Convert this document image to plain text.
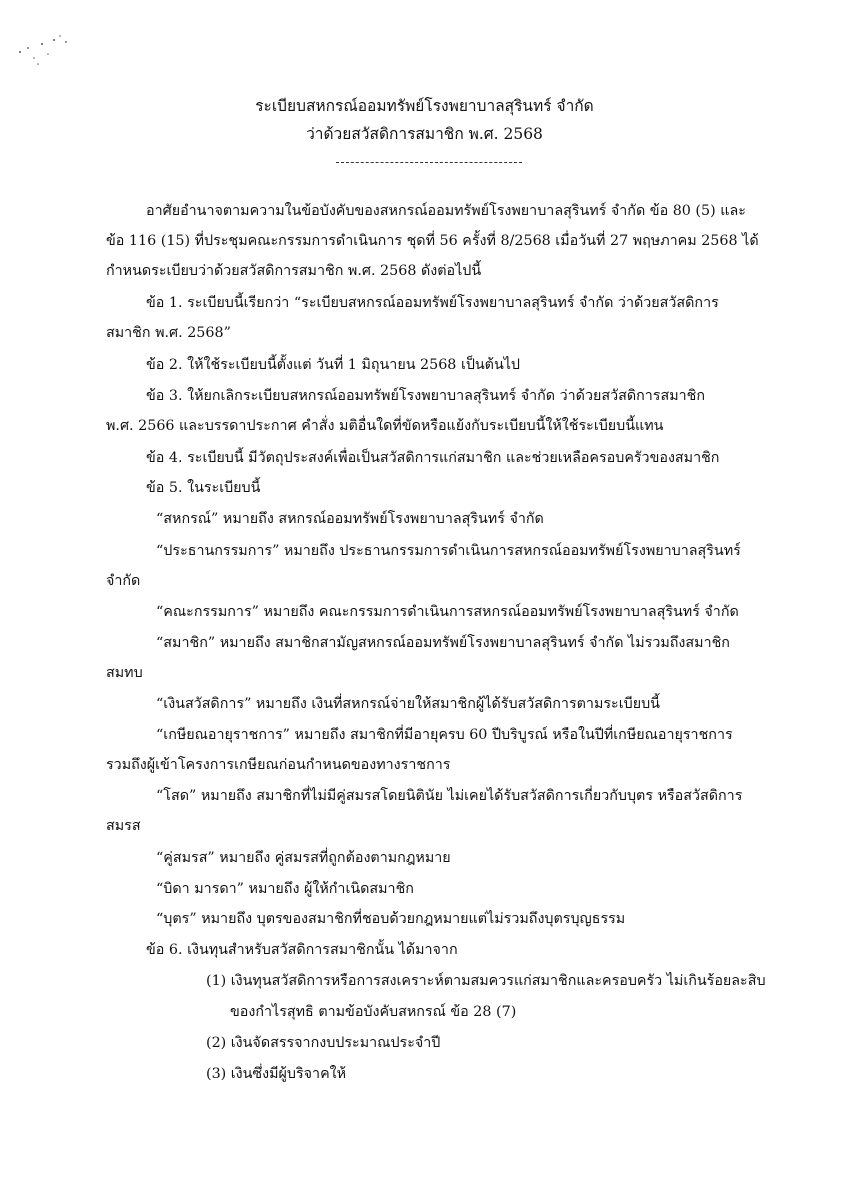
ระเบียบสหกรณ์ออมทรัพย์โรงพยาบาลสุรินทร์ จำกัด
ว่าด้วยสวัสดิการสมาชิก พ.ศ. 2568
อาศัยอำนาจตามความในข้อบังคับของสหกรณ์ออมทรัพย์โรงพยาบาลสุรินทร์ จำกัด ข้อ 80 (5) และ
ข้อ 116 (15) ที่ประชุมคณะกรรมการดำเนินการ ชุดที่ 56 ครั้งที่ 8/2568 เมื่อวันที่ 27 พฤษภาคม 2568 ได้
กำหนดระเบียบว่าด้วยสวัสดิการสมาชิก พ.ศ. 2568 ดังต่อไปนี้
ข้อ 1. ระเบียบนี้เรียกว่า “ระเบียบสหกรณ์ออมทรัพย์โรงพยาบาลสุรินทร์ จำกัด ว่าด้วยสวัสดิการ
สมาชิก พ.ศ. 2568”
ข้อ 2. ให้ใช้ระเบียบนี้ตั้งแต่ วันที่ 1 มิถุนายน 2568 เป็นต้นไป
ข้อ 3. ให้ยกเลิกระเบียบสหกรณ์ออมทรัพย์โรงพยาบาลสุรินทร์ จำกัด ว่าด้วยสวัสดิการสมาชิก
พ.ศ. 2566 และบรรดาประกาศ คำสั่ง มติอื่นใดที่ขัดหรือแย้งกับระเบียบนี้ให้ใช้ระเบียบนี้แทน
ข้อ 4. ระเบียบนี้ มีวัตถุประสงค์เพื่อเป็นสวัสดิการแก่สมาชิก และช่วยเหลือครอบครัวของสมาชิก
ข้อ 5. ในระเบียบนี้
“สหกรณ์” หมายถึง สหกรณ์ออมทรัพย์โรงพยาบาลสุรินทร์ จำกัด
“ประธานกรรมการ” หมายถึง ประธานกรรมการดำเนินการสหกรณ์ออมทรัพย์โรงพยาบาลสุรินทร์
จำกัด
“คณะกรรมการ” หมายถึง คณะกรรมการดำเนินการสหกรณ์ออมทรัพย์โรงพยาบาลสุรินทร์ จำกัด
“สมาชิก” หมายถึง สมาชิกสามัญสหกรณ์ออมทรัพย์โรงพยาบาลสุรินทร์ จำกัด ไม่รวมถึงสมาชิก
สมทบ
“เงินสวัสดิการ” หมายถึง เงินที่สหกรณ์จ่ายให้สมาชิกผู้ได้รับสวัสดิการตามระเบียบนี้
“เกษียณอายุราชการ” หมายถึง สมาชิกที่มีอายุครบ 60 ปีบริบูรณ์ หรือในปีที่เกษียณอายุราชการ
รวมถึงผู้เข้าโครงการเกษียณก่อนกำหนดของทางราชการ
“โสด” หมายถึง สมาชิกที่ไม่มีคู่สมรสโดยนิตินัย ไม่เคยได้รับสวัสดิการเกี่ยวกับบุตร หรือสวัสดิการ
สมรส
“คู่สมรส” หมายถึง คู่สมรสที่ถูกต้องตามกฎหมาย
“บิดา มารดา” หมายถึง ผู้ให้กำเนิดสมาชิก
“บุตร” หมายถึง บุตรของสมาชิกที่ชอบด้วยกฎหมายแต่ไม่รวมถึงบุตรบุญธรรม
ข้อ 6. เงินทุนสำหรับสวัสดิการสมาชิกนั้น ได้มาจาก
(1) เงินทุนสวัสดิการหรือการสงเคราะห์ตามสมควรแก่สมาชิกและครอบครัว ไม่เกินร้อยละสิบ
ของกำไรสุทธิ ตามข้อบังคับสหกรณ์ ข้อ 28 (7)
(2) เงินจัดสรรจากงบประมาณประจำปี
(3) เงินซึ่งมีผู้บริจาคให้
